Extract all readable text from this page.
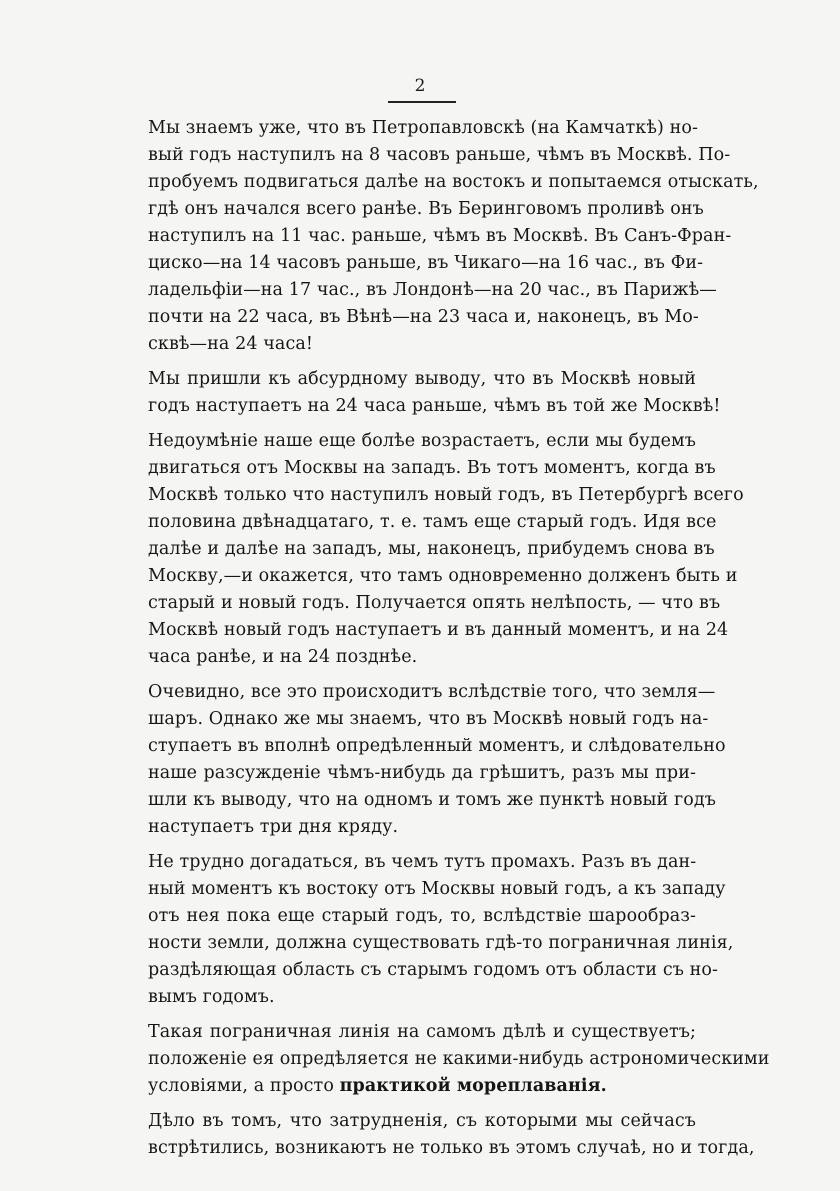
2
Мы знаемъ уже, что въ Петропавловскѣ (на Камчаткѣ) но-
вый годъ наступилъ на 8 часовъ раньше, чѣмъ въ Москвѣ. По-
пробуемъ подвигаться далѣе на востокъ и попытаемся отыскать,
гдѣ онъ начался всего ранѣе. Въ Беринговомъ проливѣ онъ
наступилъ на 11 час. раньше, чѣмъ въ Москвѣ. Въ Санъ-Фран-
циско—на 14 часовъ раньше, въ Чикаго—на 16 час., въ Фи-
ладельфіи—на 17 час., въ Лондонѣ—на 20 час., въ Парижѣ—
почти на 22 часа, въ Вѣнѣ—на 23 часа и, наконецъ, въ Мо-
сквѣ—на 24 часа!
Мы пришли къ абсурдному выводу, что въ Москвѣ новый
годъ наступаетъ на 24 часа раньше, чѣмъ въ той же Москвѣ!
Недоумѣніе наше еще болѣе возрастаетъ, если мы будемъ
двигаться отъ Москвы на западъ. Въ тотъ моментъ, когда въ
Москвѣ только что наступилъ новый годъ, въ Петербургѣ всего
половина двѣнадцатаго, т. е. тамъ еще старый годъ. Идя все
далѣе и далѣе на западъ, мы, наконецъ, прибудемъ снова въ
Москву,—и окажется, что тамъ одновременно долженъ быть и
старый и новый годъ. Получается опять нелѣпость, — что въ
Москвѣ новый годъ наступаетъ и въ данный моментъ, и на 24
часа ранѣе, и на 24 позднѣе.
Очевидно, все это происходитъ вслѣдствіе того, что земля—
шаръ. Однако же мы знаемъ, что въ Москвѣ новый годъ на-
ступаетъ въ вполнѣ опредѣленный моментъ, и слѣдовательно
наше разсужденіе чѣмъ-нибудь да грѣшитъ, разъ мы при-
шли къ выводу, что на одномъ и томъ же пунктѣ новый годъ
наступаетъ три дня кряду.
Не трудно догадаться, въ чемъ тутъ промахъ. Разъ въ дан-
ный моментъ къ востоку отъ Москвы новый годъ, а къ западу
отъ нея пока еще старый годъ, то, вслѣдствіе шарообраз-
ности земли, должна существовать гдѣ-то пограничная линія,
раздѣляющая область съ старымъ годомъ отъ области съ но-
вымъ годомъ.
Такая пограничная линія на самомъ дѣлѣ и существуетъ;
положеніе ея опредѣляется не какими-нибудь астрономическими
условіями, а просто практикой мореплаванія.
Дѣло въ томъ, что затрудненія, съ которыми мы сейчасъ
встрѣтились, возникаютъ не только въ этомъ случаѣ, но и тогда,
